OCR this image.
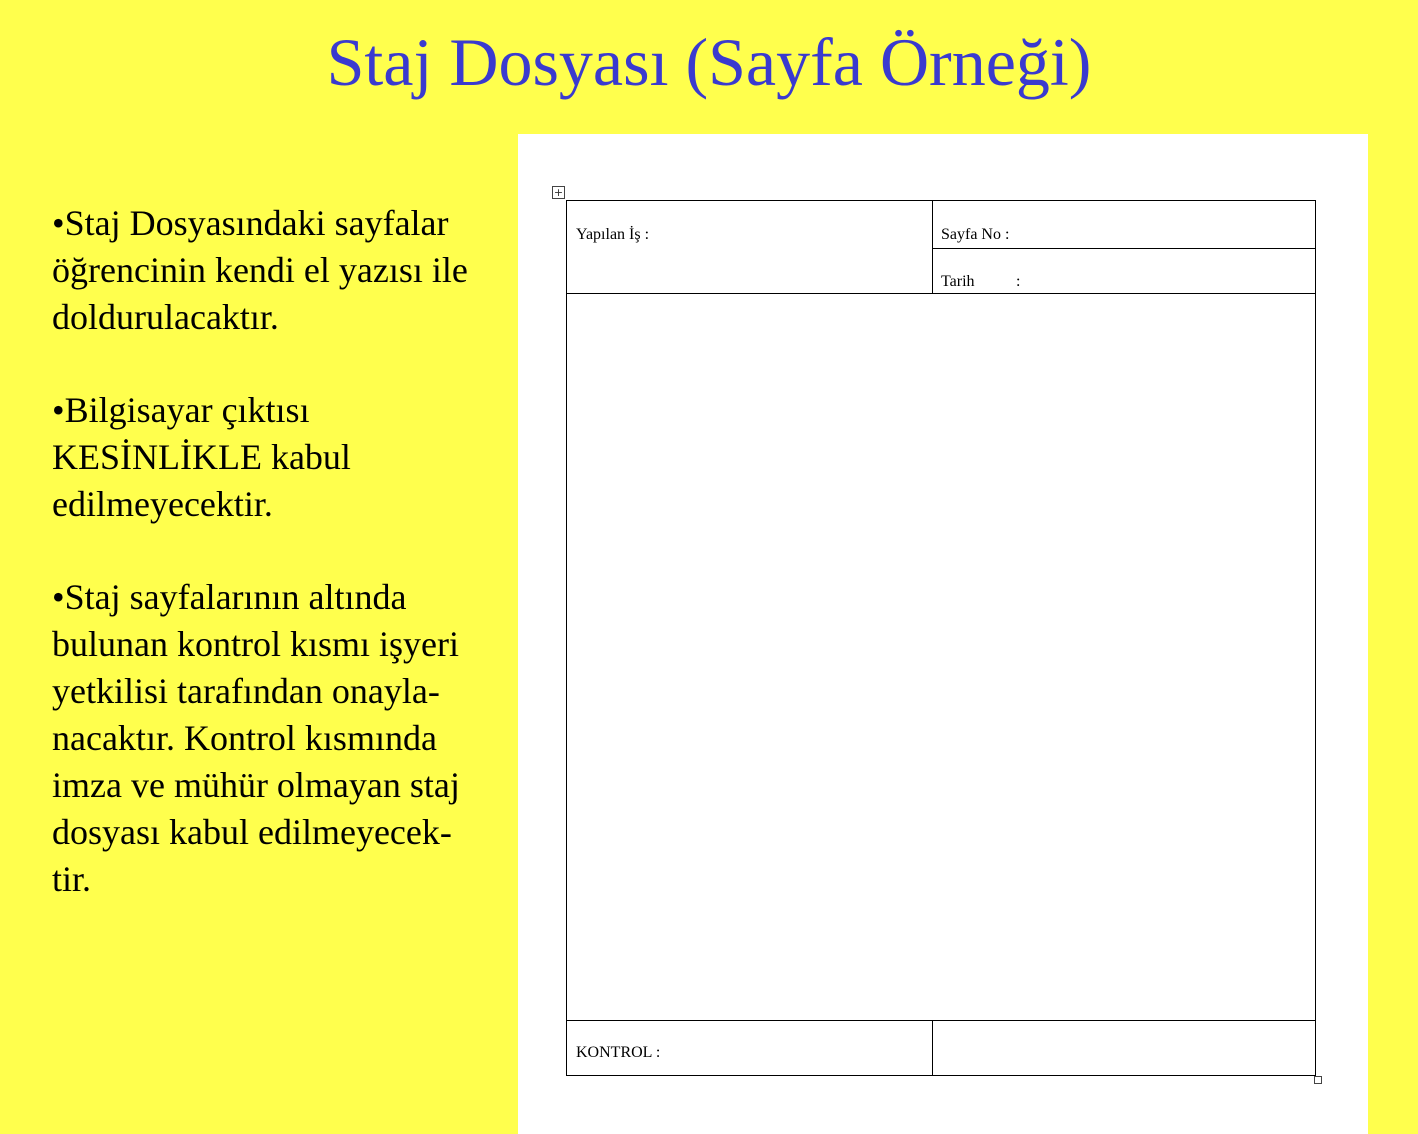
Staj Dosyası (Sayfa Örneği)
•Staj Dosyasındaki sayfalar
öğrencinin kendi el yazısı ile
doldurulacaktır.
•Bilgisayar çıktısı
KESİNLİKLE kabul
edilmeyecektir.
•Staj sayfalarının altında
bulunan kontrol kısmı işyeri
yetkilisi tarafından onayla-
nacaktır. Kontrol kısmında
imza ve mühür olmayan staj
dosyası kabul edilmeyecek-
tir.
+
Yapılan İş :	Sayfa No :
Tarih	:
KONTROL :
